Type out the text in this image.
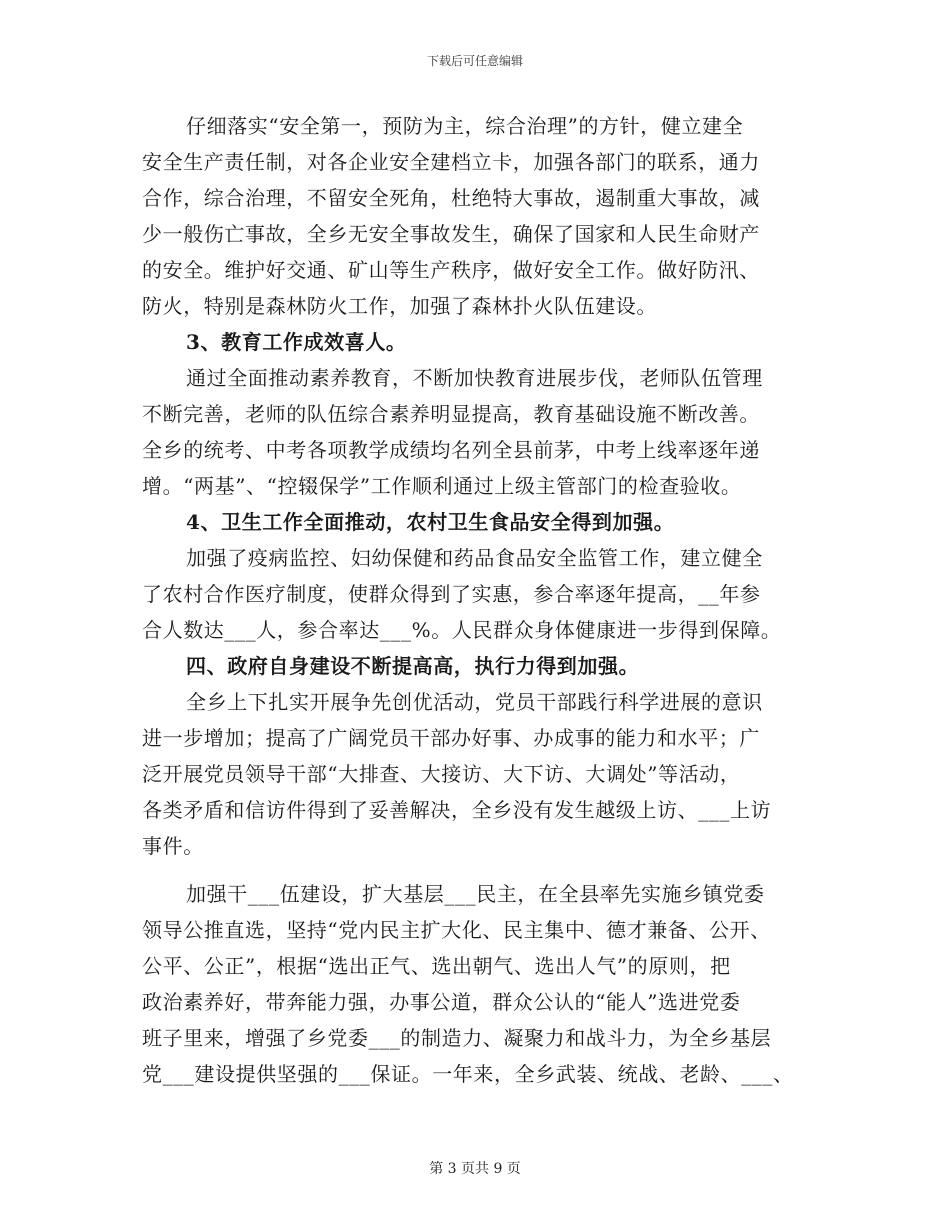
下载后可任意编辑
仔细落实“安全第一，预防为主，综合治理”的方针，健立建全
安全生产责任制，对各企业安全建档立卡，加强各部门的联系，通力
合作，综合治理，不留安全死角，杜绝特大事故，遏制重大事故，减
少一般伤亡事故，全乡无安全事故发生，确保了国家和人民生命财产
的安全。维护好交通、矿山等生产秩序，做好安全工作。做好防汛、
防火，特别是森林防火工作，加强了森林扑火队伍建设。
3、教育工作成效喜人。
通过全面推动素养教育，不断加快教育进展步伐，老师队伍管理
不断完善，老师的队伍综合素养明显提高，教育基础设施不断改善。
全乡的统考、中考各项教学成绩均名列全县前茅，中考上线率逐年递
增。“两基”、“控辍保学”工作顺利通过上级主管部门的检查验收。
4、卫生工作全面推动，农村卫生食品安全得到加强。
加强了疫病监控、妇幼保健和药品食品安全监管工作，建立健全
了农村合作医疗制度，使群众得到了实惠，参合率逐年提高，__年参
合人数达___人，参合率达___%。人民群众身体健康进一步得到保障。
四、政府自身建设不断提高高，执行力得到加强。
全乡上下扎实开展争先创优活动，党员干部践行科学进展的意识
进一步增加；提高了广阔党员干部办好事、办成事的能力和水平；广
泛开展党员领导干部“大排查、大接访、大下访、大调处”等活动，
各类矛盾和信访件得到了妥善解决，全乡没有发生越级上访、___上访
事件。
加强干___伍建设，扩大基层___民主，在全县率先实施乡镇党委
领导公推直选，坚持“党内民主扩大化、民主集中、德才兼备、公开、
公平、公正”，根据“选出正气、选出朝气、选出人气”的原则，把
政治素养好，带奔能力强，办事公道，群众公认的“能人”选进党委
班子里来，增强了乡党委___的制造力、凝聚力和战斗力，为全乡基层
党___建设提供坚强的___保证。一年来，全乡武装、统战、老龄、___、
第 3 页共 9 页
